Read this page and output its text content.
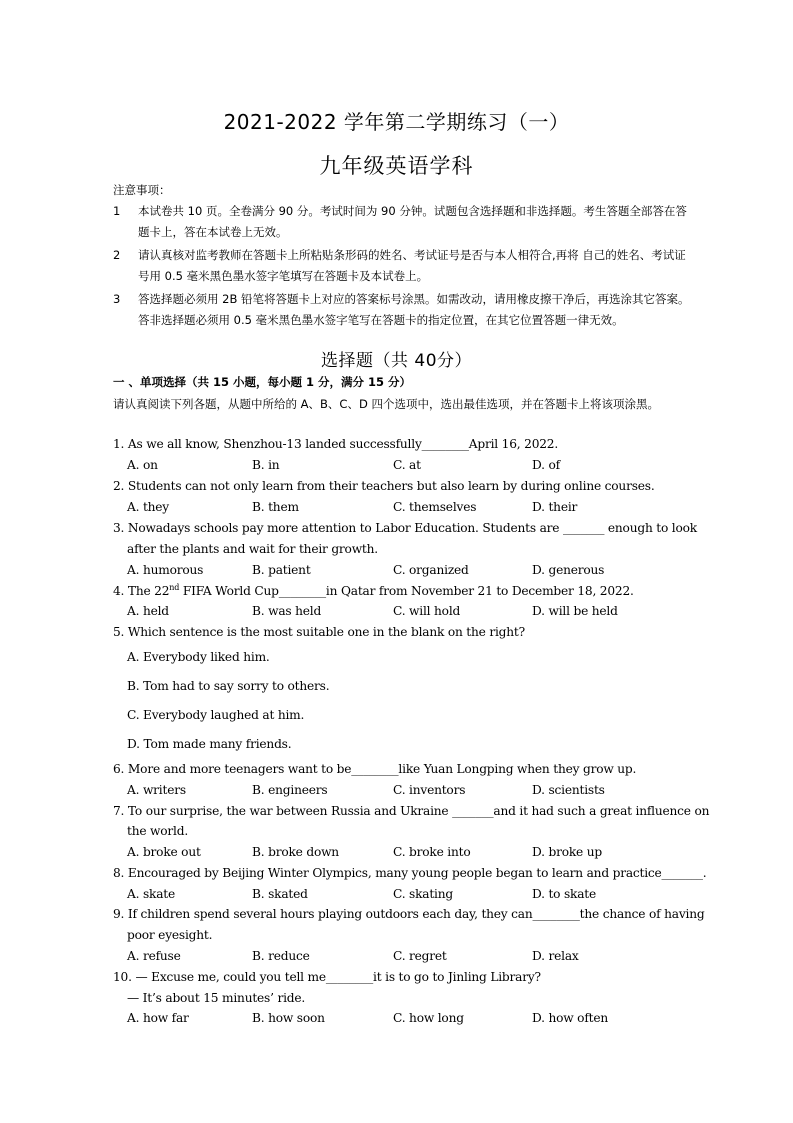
2021-2022 学年第二学期练习（一）
九年级英语学科
注意事项：
1 本试卷共 10 页。全卷满分 90 分。考试时间为 90 分钟。试题包含选择题和非选择题。考生答题全部答在答题卡上，答在本试卷上无效。
2 请认真核对监考教师在答题卡上所粘贴条形码的姓名、考试证号是否与本人相符合,再将 自己的姓名、考试证号用 0.5 毫米黑色墨水签字笔填写在答题卡及本试卷上。
3 答选择题必须用 2B 铅笔将答题卡上对应的答案标号涂黑。如需改动，请用橡皮擦干净后，再选涂其它答案。答非选择题必须用 0.5 毫米黑色墨水签字笔写在答题卡的指定位置，在其它位置答题一律无效。
选择题（共 40分）
一 、单项选择（共 15 小题，每小题 1 分，满分 15 分）
请认真阅读下列各题，从题中所给的 A、B、C、D 四个选项中，选出最佳选项，并在答题卡上将该项涂黑。
1. As we all know, Shenzhou-13 landed successfully________April 16, 2022.
A. on	B. in	C. at	D. of
2. Students can not only learn from their teachers but also learn by during online courses.
A. they	B. them	C. themselves	D. their
3. Nowadays schools pay more attention to Labor Education. Students are _______ enough to look
after the plants and wait for their growth.
A. humorous	B. patient	C. organized	D. generous
4. The 22nd FIFA World Cup________in Qatar from November 21 to December 18, 2022.
A. held	B. was held	C. will hold	D. will be held
5. Which sentence is the most suitable one in the blank on the right?
A. Everybody liked him.
B. Tom had to say sorry to others.
C. Everybody laughed at him.
D. Tom made many friends.
6. More and more teenagers want to be________like Yuan Longping when they grow up.
A. writers	B. engineers	C. inventors	D. scientists
7. To our surprise, the war between Russia and Ukraine _______and it had such a great influence on
the world.
A. broke out	B. broke down	C. broke into	D. broke up
8. Encouraged by Beijing Winter Olympics, many young people began to learn and practice_______.
A. skate	B. skated	C. skating	D. to skate
9. If children spend several hours playing outdoors each day, they can________the chance of having
poor eyesight.
A. refuse	B. reduce	C. regret	D. relax
10. — Excuse me, could you tell me________it is to go to Jinling Library?
— It’s about 15 minutes’ ride.
A. how far	B. how soon	C. how long	D. how often
